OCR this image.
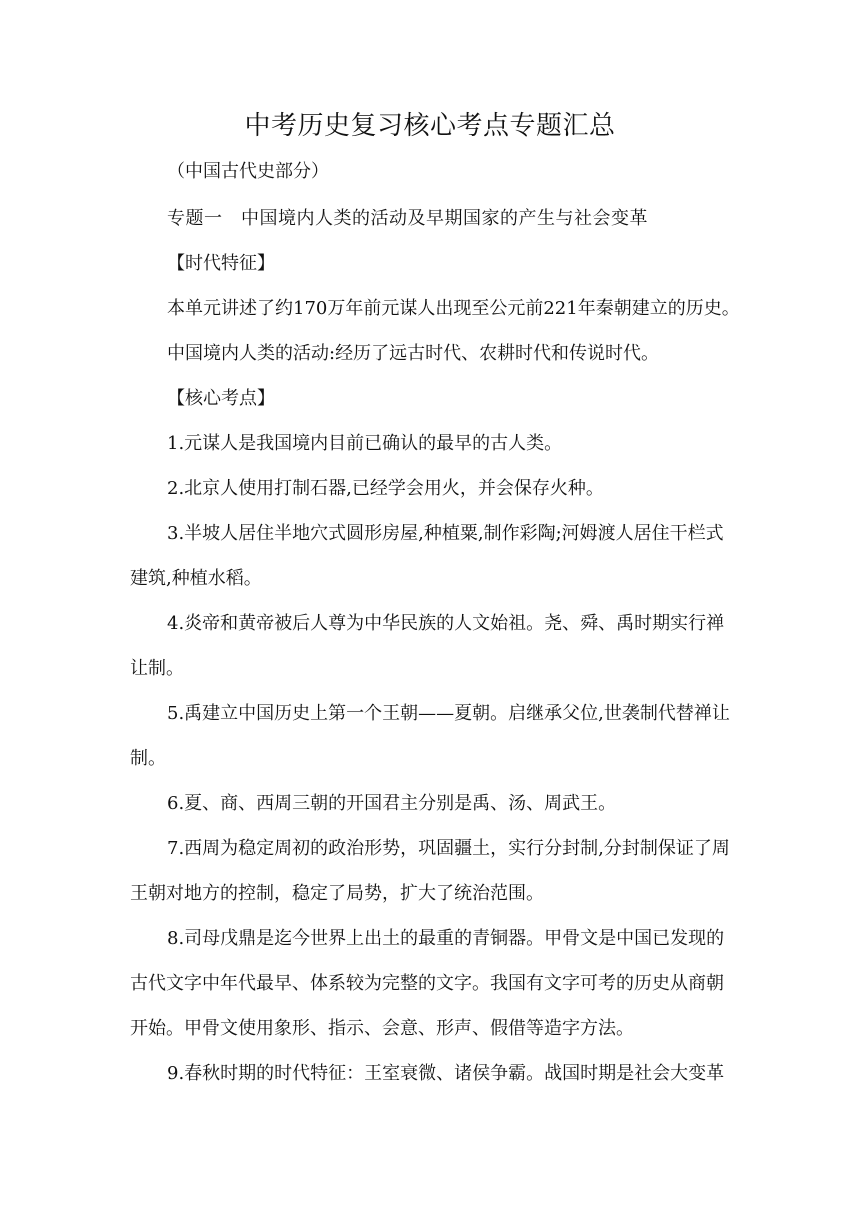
中考历史复习核心考点专题汇总
（中国古代史部分）
专题一　中国境内人类的活动及早期国家的产生与社会变革
【时代特征】
本单元讲述了约170万年前元谋人出现至公元前221年秦朝建立的历史。
中国境内人类的活动:经历了远古时代、农耕时代和传说时代。
【核心考点】
1.元谋人是我国境内目前已确认的最早的古人类。
2.北京人使用打制石器,已经学会用火，并会保存火种。
3.半坡人居住半地穴式圆形房屋,种植粟,制作彩陶;河姆渡人居住干栏式
建筑,种植水稻。
4.炎帝和黄帝被后人尊为中华民族的人文始祖。尧、舜、禹时期实行禅
让制。
5.禹建立中国历史上第一个王朝——夏朝。启继承父位,世袭制代替禅让
制。
6.夏、商、西周三朝的开国君主分别是禹、汤、周武王。
7.西周为稳定周初的政治形势，巩固疆土，实行分封制,分封制保证了周
王朝对地方的控制，稳定了局势，扩大了统治范围。
8.司母戊鼎是迄今世界上出土的最重的青铜器。甲骨文是中国已发现的
古代文字中年代最早、体系较为完整的文字。我国有文字可考的历史从商朝
开始。甲骨文使用象形、指示、会意、形声、假借等造字方法。
9.春秋时期的时代特征：王室衰微、诸侯争霸。战国时期是社会大变革
